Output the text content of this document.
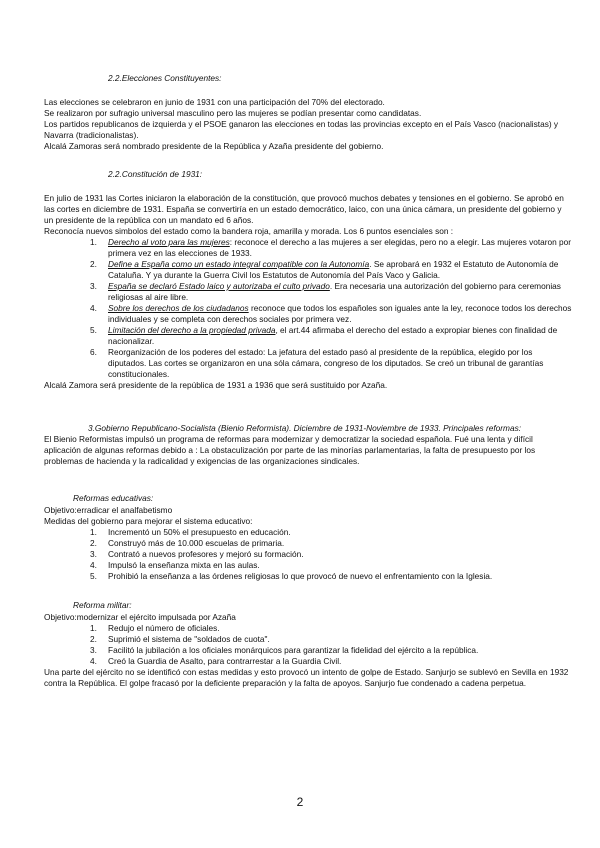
2.2.Elecciones Constituyentes:

Las elecciones se celebraron en junio de 1931 con una participación del 70% del electorado.

Se realizaron por sufragio universal masculino pero las mujeres se podían presentar como candidatas.

Los partidos republicanos de izquierda y el PSOE ganaron las elecciones en todas las provincias excepto en el País Vasco (nacionalistas) y Navarra (tradicionalistas).

Alcalá Zamoras será nombrado presidente de la República y Azaña presidente del gobierno.

2.2.Constitución de 1931:

En julio de 1931 las Cortes iniciaron la elaboración de la constitución, que provocó muchos debates y tensiones en el gobierno. Se aprobó en las cortes en diciembre de 1931. España se convertiría en un estado democrático, laico, con una única cámara, un presidente del gobierno y un presidente de la república con un mandato ed 6 años.

Reconocía nuevos simbolos del estado como la bandera roja, amarilla y morada. Los 6 puntos esenciales son :

1. Derecho al voto para las mujeres: reconoce el derecho a las mujeres a ser elegidas, pero no a elegir. Las mujeres votaron por primera vez en las elecciones de 1933.
2. Define a España como un estado integral compatible con la Autonomía. Se aprobará en 1932 el Estatuto de Autonomía de Cataluña. Y ya durante la Guerra Civil los Estatutos de Autonomía del País Vaco y Galicia.
3. España se declaró Estado laico y autorizaba el culto privado. Era necesaria una autorización del gobierno para ceremonias religiosas al aire libre.
4. Sobre los derechos de los ciudadanos reconoce que todos los españoles son iguales ante la ley, reconoce todos los derechos individuales y se completa con derechos sociales por primera vez.
5. Limitación del derecho a la propiedad privada, el art.44 afirmaba el derecho del estado a expropiar bienes con finalidad de nacionalizar.
6. Reorganización de los poderes del estado: La jefatura del estado pasó al presidente de la república, elegido por los diputados. Las cortes se organizaron en una sóla cámara, congreso de los diputados. Se creó un tribunal de garantías constitucionales.

Alcalá Zamora será presidente de la república de 1931 a 1936 que será sustituido por Azaña.

3.Gobierno Republicano-Socialista (Bienio Reformista). Diciembre de 1931-Noviembre de 1933. Principales reformas:

El Bienio Reformistas impulsó un programa de reformas para modernizar y democratizar la sociedad española. Fué una lenta y difícil aplicación de algunas reformas debido a : La obstaculización por parte de las minorías parlamentarias, la falta de presupuesto por los problemas de hacienda y la radicalidad y exigencias de las organizaciones sindicales.

Reformas educativas:

Objetivo:erradicar el analfabetismo

Medidas del gobierno para mejorar el sistema educativo:

1. Incrementó un 50% el presupuesto en educación.
2. Construyó más de 10.000 escuelas de primaria.
3. Contrató a nuevos profesores y mejoró su formación.
4. Impulsó la enseñanza mixta en las aulas.
5. Prohibió la enseñanza a las órdenes religiosas lo que provocó de nuevo el enfrentamiento con la Iglesia.
Reforma militar:

Objetivo:modernizar el ejército impulsada por Azaña

1. Redujo el número de oficiales.
2. Suprimió el sistema de "soldados de cuota".
3. Facilitó la jubilación a los oficiales monárquicos para garantizar la fidelidad del ejército a la república.
4. Creó la Guardia de Asalto, para contrarrestar a la Guardia Civil.

Una parte del ejército no se identificó con estas medidas y esto provocó un intento de golpe de Estado. Sanjurjo se sublevó en Sevilla en 1932 contra la República. El golpe fracasó por la deficiente preparación y la falta de apoyos. Sanjurjo fue condenado a cadena perpetua.

2
